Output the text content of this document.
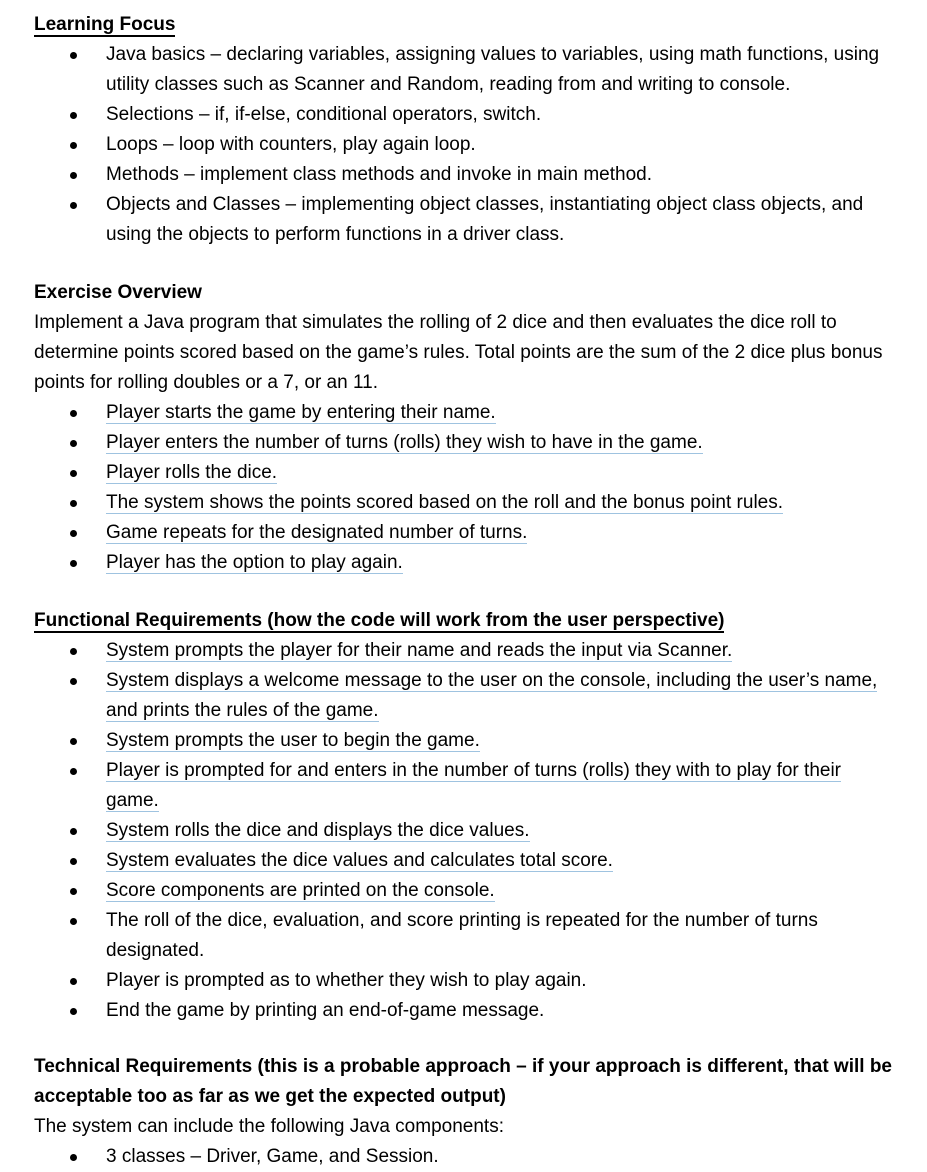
Learning Focus

Java basics – declaring variables, assigning values to variables, using math functions, using utility classes such as Scanner and Random, reading from and writing to console.
Selections – if, if-else, conditional operators, switch.
Loops – loop with counters, play again loop.
Methods – implement class methods and invoke in main method.
Objects and Classes – implementing object classes, instantiating object class objects, and using the objects to perform functions in a driver class.

Exercise Overview

Implement a Java program that simulates the rolling of 2 dice and then evaluates the dice roll to determine points scored based on the game’s rules. Total points are the sum of the 2 dice plus bonus points for rolling doubles or a 7, or an 11.

Player starts the game by entering their name.
Player enters the number of turns (rolls) they wish to have in the game.
Player rolls the dice.
The system shows the points scored based on the roll and the bonus point rules.
Game repeats for the designated number of turns.
Player has the option to play again.

Functional Requirements (how the code will work from the user perspective)

System prompts the player for their name and reads the input via Scanner.
System displays a welcome message to the user on the console, including the user’s name, and prints the rules of the game.
System prompts the user to begin the game.
Player is prompted for and enters in the number of turns (rolls) they with to play for their game.
System rolls the dice and displays the dice values.
System evaluates the dice values and calculates total score.
Score components are printed on the console.
The roll of the dice, evaluation, and score printing is repeated for the number of turns designated.
Player is prompted as to whether they wish to play again.
End the game by printing an end-of-game message.

Technical Requirements (this is a probable approach – if your approach is different, that will be acceptable too as far as we get the expected output)

The system can include the following Java components:

3 classes – Driver, Game, and Session.
